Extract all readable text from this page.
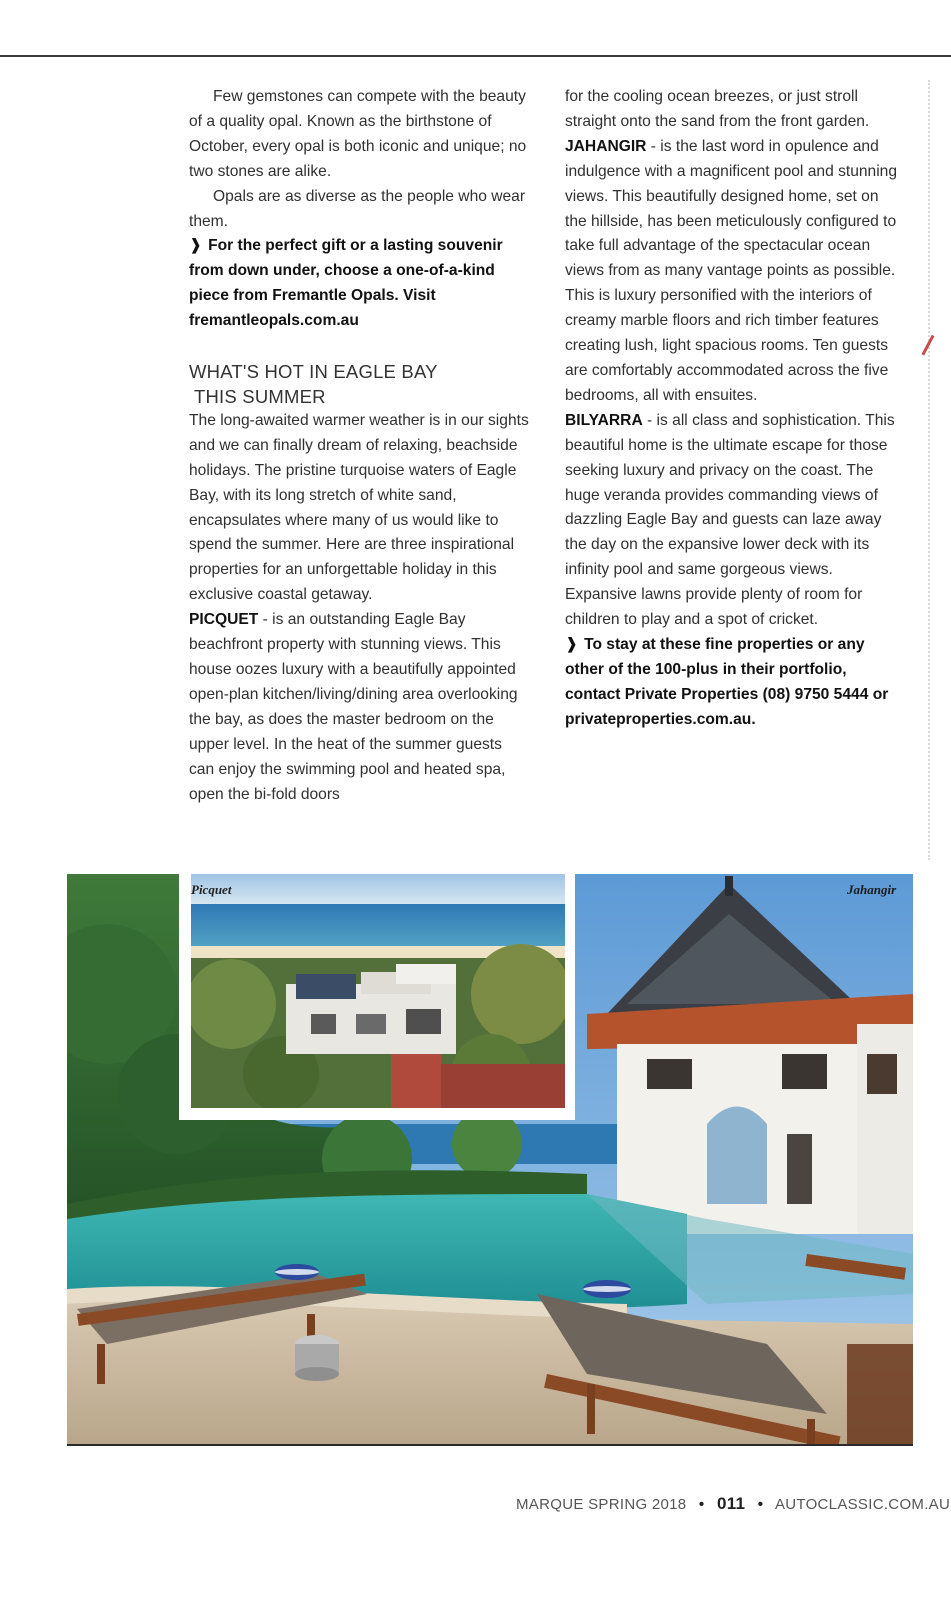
Few gemstones can compete with the beauty of a quality opal. Known as the birthstone of October, every opal is both iconic and unique; no two stones are alike.

Opals are as diverse as the people who wear them.

❱ For the perfect gift or a lasting souvenir from down under, choose a one-of-a-kind piece from Fremantle Opals. Visit fremantleopals.com.au

WHAT'S HOT IN EAGLE BAY
THIS SUMMER

The long-awaited warmer weather is in our sights and we can finally dream of relaxing, beachside holidays. The pristine turquoise waters of Eagle Bay, with its long stretch of white sand, encapsulates where many of us would like to spend the summer. Here are three inspirational properties for an unforgettable holiday in this exclusive coastal getaway.

PICQUET - is an outstanding Eagle Bay beachfront property with stunning views. This house oozes luxury with a beautifully appointed open-plan kitchen/living/dining area overlooking the bay, as does the master bedroom on the upper level. In the heat of the summer guests can enjoy the swimming pool and heated spa, open the bi-fold doors

for the cooling ocean breezes, or just stroll straight onto the sand from the front garden.

JAHANGIR - is the last word in opulence and indulgence with a magnificent pool and stunning views. This beautifully designed home, set on the hillside, has been meticulously configured to take full advantage of the spectacular ocean views from as many vantage points as possible. This is luxury personified with the interiors of creamy marble floors and rich timber features creating lush, light spacious rooms. Ten guests are comfortably accommodated across the five bedrooms, all with ensuites.

BILYARRA - is all class and sophistication. This beautiful home is the ultimate escape for those seeking luxury and privacy on the coast. The huge veranda provides commanding views of dazzling Eagle Bay and guests can laze away the day on the expansive lower deck with its infinity pool and same gorgeous views. Expansive lawns provide plenty of room for children to play and a spot of cricket.

❱ To stay at these fine properties or any other of the 100-plus in their portfolio, contact Private Properties (08) 9750 5444 or privateproperties.com.au.

Picquet	Jahangir
MARQUE SPRING 2018 • 011 • AUTOCLASSIC.COM.AU
